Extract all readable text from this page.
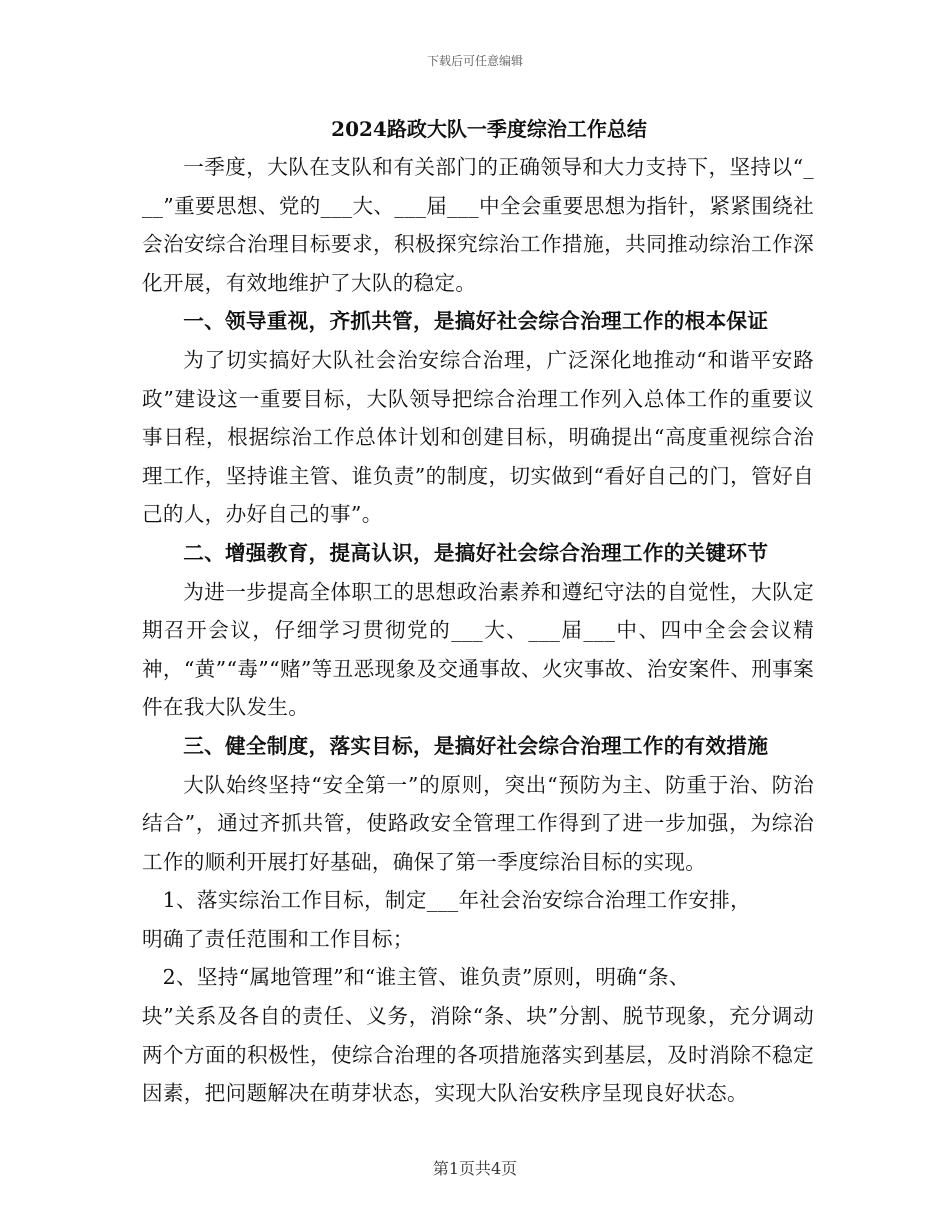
下载后可任意编辑
2024路政大队一季度综治工作总结

一季度，大队在支队和有关部门的正确领导和大力支持下，坚持以“___”重要思想、党的___大、___届___中全会重要思想为指针，紧紧围绕社会治安综合治理目标要求，积极探究综治工作措施，共同推动综治工作深化开展，有效地维护了大队的稳定。

一、领导重视，齐抓共管，是搞好社会综合治理工作的根本保证

为了切实搞好大队社会治安综合治理，广泛深化地推动“和谐平安路政”建设这一重要目标，大队领导把综合治理工作列入总体工作的重要议事日程，根据综治工作总体计划和创建目标，明确提出“高度重视综合治理工作，坚持谁主管、谁负责”的制度，切实做到“看好自己的门，管好自己的人，办好自己的事”。

二、增强教育，提高认识，是搞好社会综合治理工作的关键环节

为进一步提高全体职工的思想政治素养和遵纪守法的自觉性，大队定期召开会议，仔细学习贯彻党的___大、___届___中、四中全会会议精神，“黄”“毒”“赌”等丑恶现象及交通事故、火灾事故、治安案件、刑事案件在我大队发生。

三、健全制度，落实目标，是搞好社会综合治理工作的有效措施

大队始终坚持“安全第一”的原则，突出“预防为主、防重于治、防治结合”，通过齐抓共管，使路政安全管理工作得到了进一步加强，为综治工作的顺利开展打好基础，确保了第一季度综治目标的实现。

1、落实综治工作目标，制定___年社会治安综合治理工作安排，

明确了责任范围和工作目标；

2、坚持“属地管理”和“谁主管、谁负责”原则，明确“条、

块”关系及各自的责任、义务，消除“条、块”分割、脱节现象，充分调动两个方面的积极性，使综合治理的各项措施落实到基层，及时消除不稳定因素，把问题解决在萌芽状态，实现大队治安秩序呈现良好状态。

第1页共4页
